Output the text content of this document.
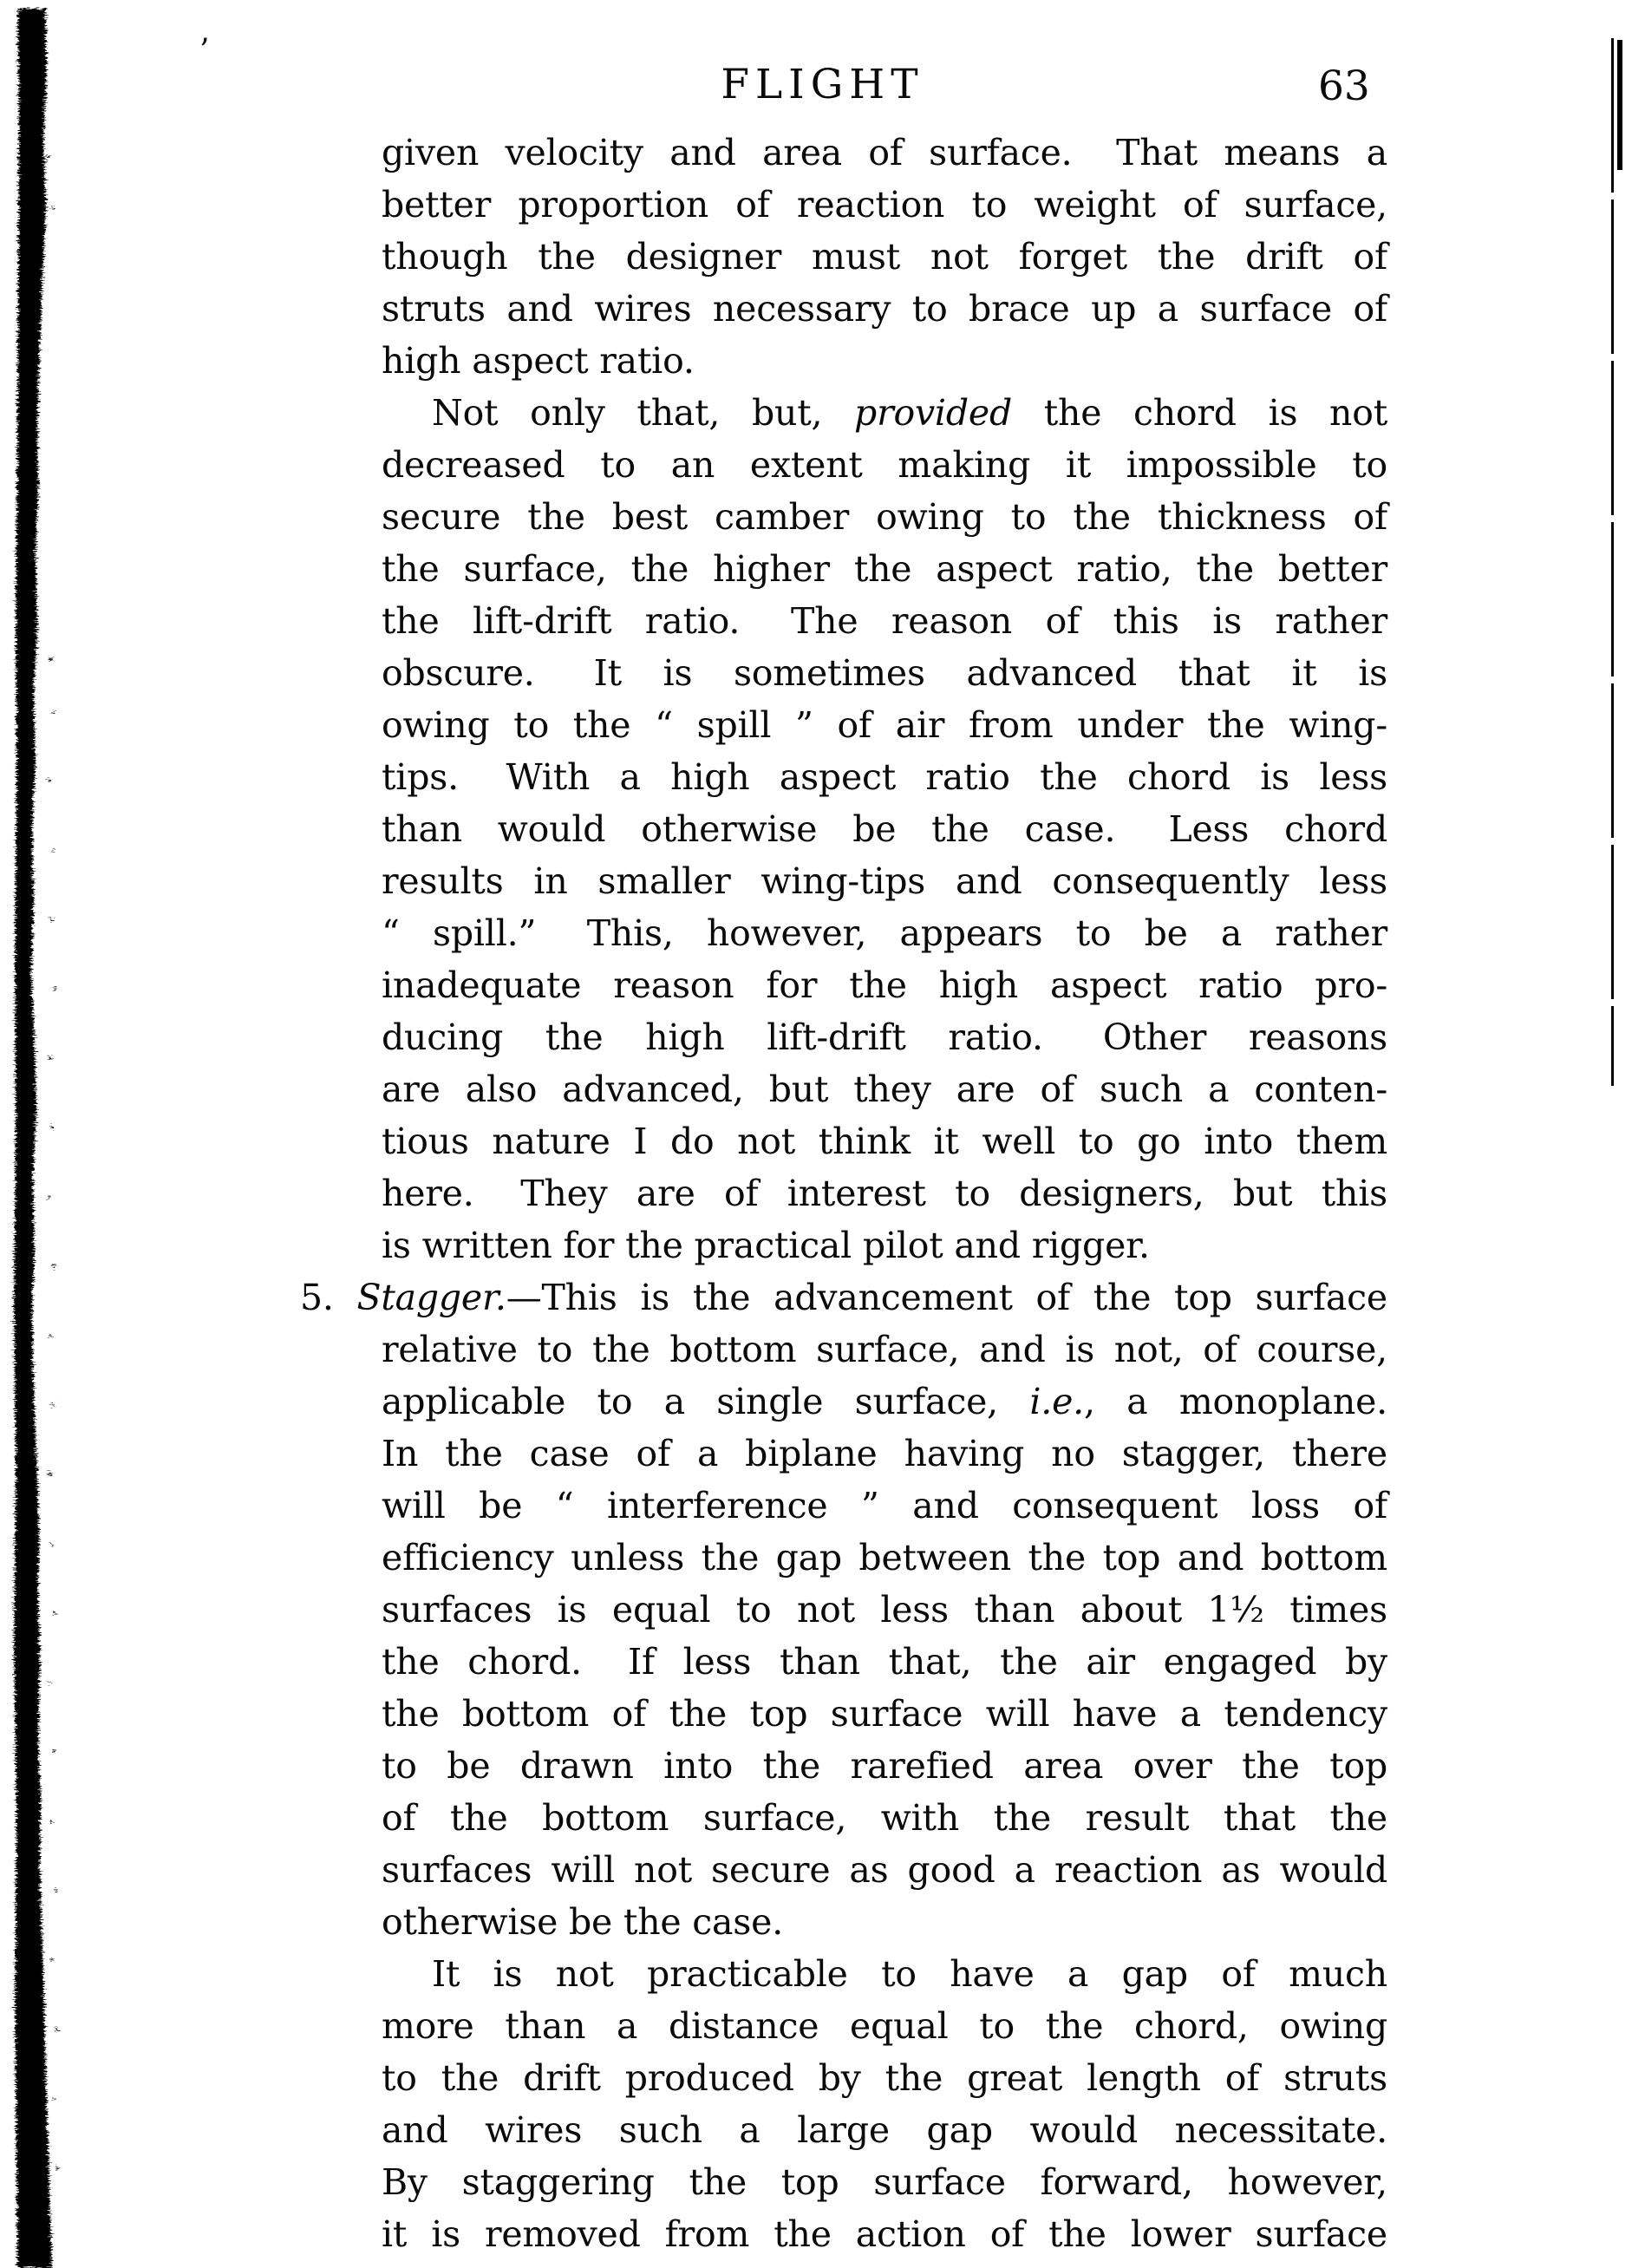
’
FLIGHT	63
given velocity and area of surface.  That means a
better proportion of reaction to weight of surface,
though the designer must not forget the drift of
struts and wires necessary to brace up a surface of
high aspect ratio.
Not only that, but, provided the chord is not
decreased to an extent making it impossible to
secure the best camber owing to the thickness of
the surface, the higher the aspect ratio, the better
the lift-drift ratio.  The reason of this is rather
obscure.  It is sometimes advanced that it is
owing to the “ spill ” of air from under the wing-
tips.  With a high aspect ratio the chord is less
than would otherwise be the case.  Less chord
results in smaller wing-tips and consequently less
“ spill.”  This, however, appears to be a rather
inadequate reason for the high aspect ratio pro-
ducing the high lift-drift ratio.  Other reasons
are also advanced, but they are of such a conten-
tious nature I do not think it well to go into them
here.  They are of interest to designers, but this
is written for the practical pilot and rigger.
5. Stagger.—This is the advancement of the top surface
relative to the bottom surface, and is not, of course,
applicable to a single surface, i.e., a monoplane.
In the case of a biplane having no stagger, there
will be “ interference ” and consequent loss of
efficiency unless the gap between the top and bottom
surfaces is equal to not less than about 1½ times
the chord.  If less than that, the air engaged by
the bottom of the top surface will have a tendency
to be drawn into the rarefied area over the top
of the bottom surface, with the result that the
surfaces will not secure as good a reaction as would
otherwise be the case.
It is not practicable to have a gap of much
more than a distance equal to the chord, owing
to the drift produced by the great length of struts
and wires such a large gap would necessitate.
By staggering the top surface forward, however,
it is removed from the action of the lower surface
